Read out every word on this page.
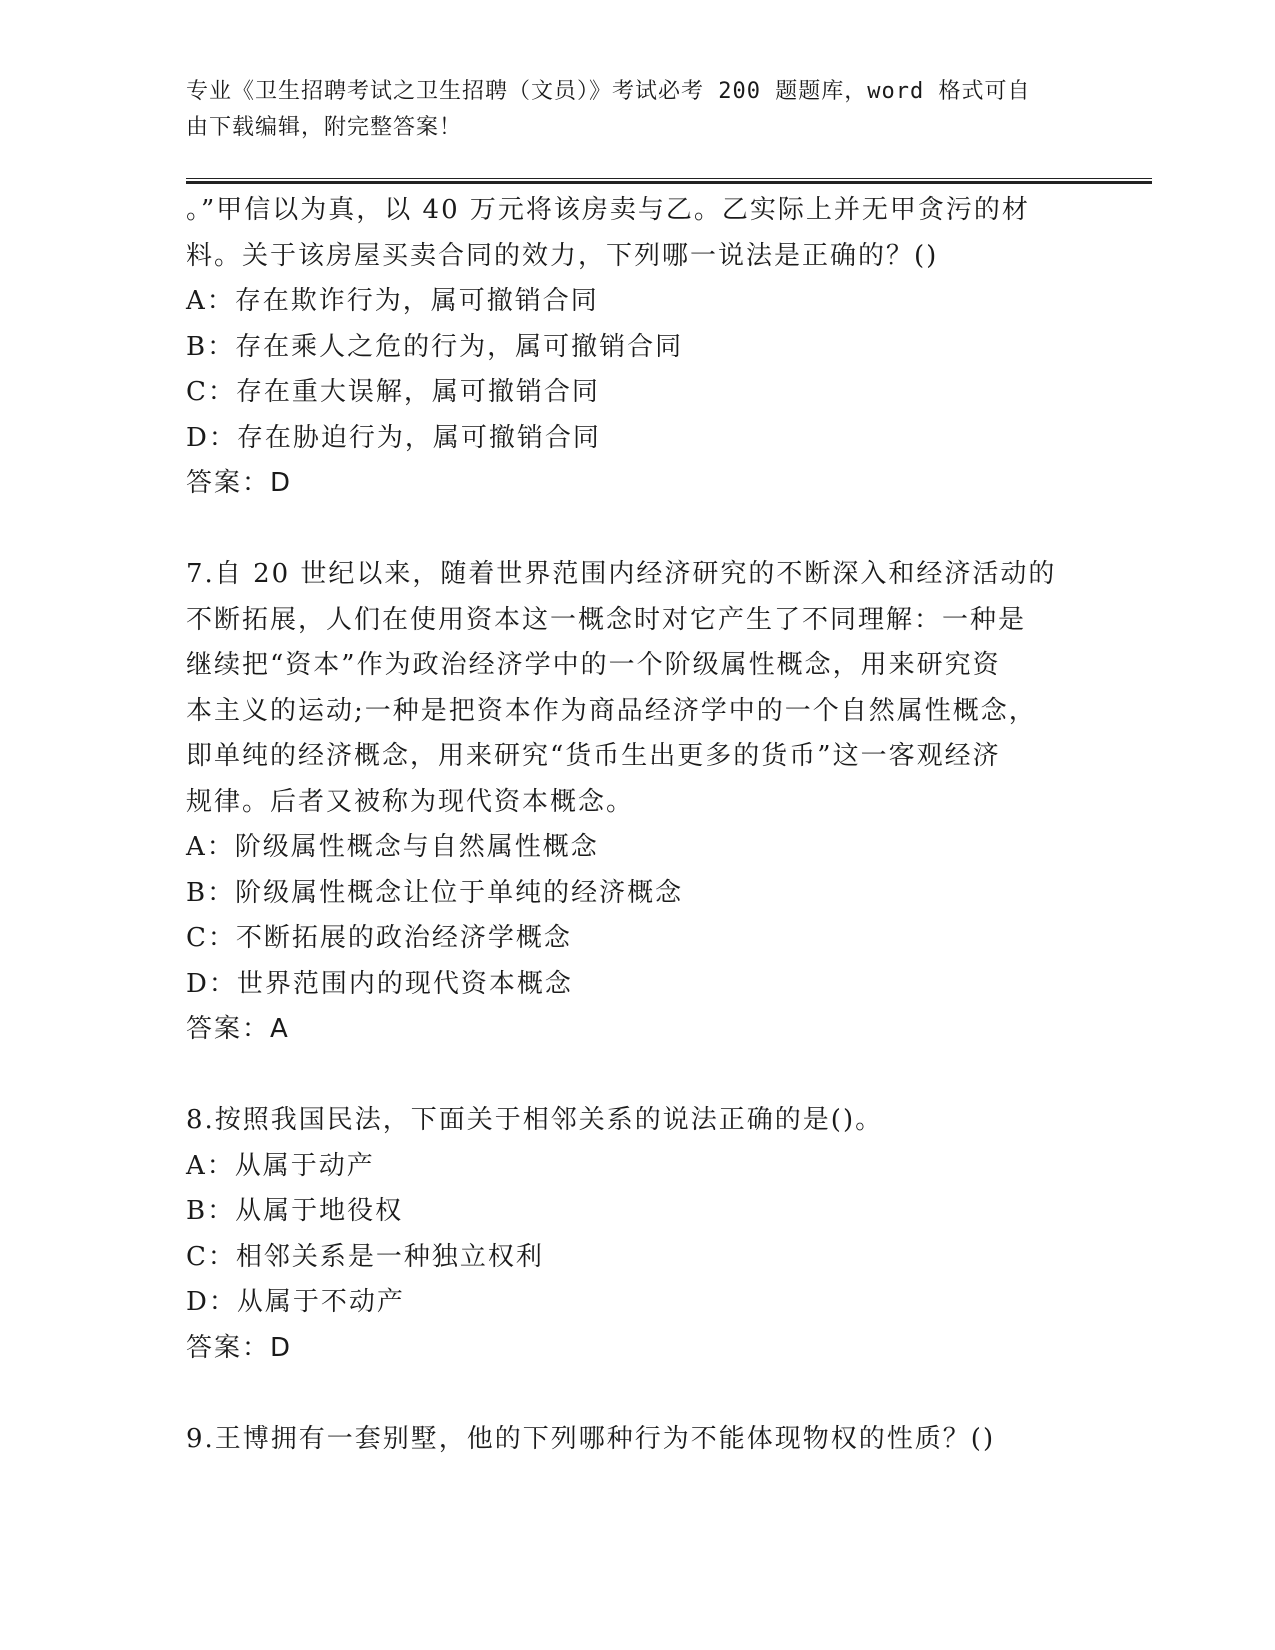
专业《卫生招聘考试之卫生招聘（文员）》考试必考 200 题题库，word 格式可自
由下载编辑，附完整答案！
。”甲信以为真，以 40 万元将该房卖与乙。乙实际上并无甲贪污的材
料。关于该房屋买卖合同的效力，下列哪一说法是正确的？()
A：存在欺诈行为，属可撤销合同
B：存在乘人之危的行为，属可撤销合同
C：存在重大误解，属可撤销合同
D：存在胁迫行为，属可撤销合同
答案：D
7.自 20 世纪以来，随着世界范围内经济研究的不断深入和经济活动的
不断拓展，人们在使用资本这一概念时对它产生了不同理解：一种是
继续把“资本”作为政治经济学中的一个阶级属性概念，用来研究资
本主义的运动;一种是把资本作为商品经济学中的一个自然属性概念，
即单纯的经济概念，用来研究“货币生出更多的货币”这一客观经济
规律。后者又被称为现代资本概念。
A：阶级属性概念与自然属性概念
B：阶级属性概念让位于单纯的经济概念
C：不断拓展的政治经济学概念
D：世界范围内的现代资本概念
答案：A
8.按照我国民法，下面关于相邻关系的说法正确的是()。
A：从属于动产
B：从属于地役权
C：相邻关系是一种独立权利
D：从属于不动产
答案：D
9.王博拥有一套别墅，他的下列哪种行为不能体现物权的性质？()
